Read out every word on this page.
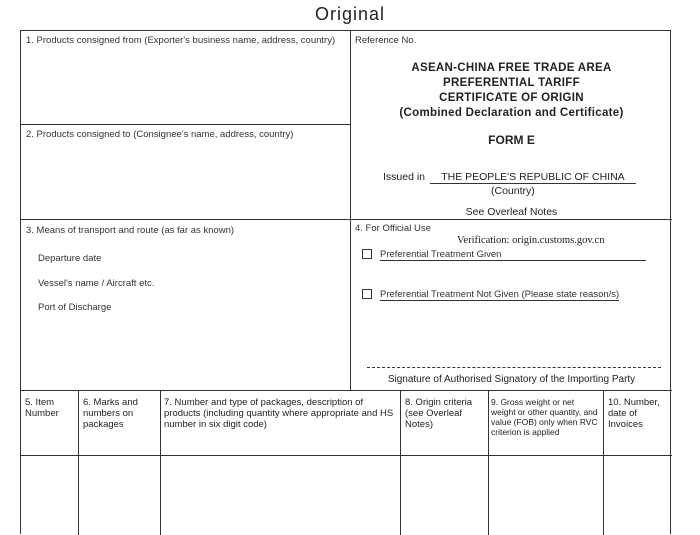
Original
1. Products consigned from (Exporter's business name, address, country)
2. Products consigned to (Consignee's name, address, country)
Reference No.
ASEAN-CHINA FREE TRADE AREA
PREFERENTIAL TARIFF
CERTIFICATE OF ORIGIN
(Combined Declaration and Certificate)
FORM E
Issued in THE PEOPLE'S REPUBLIC OF CHINA
(Country)
See Overleaf Notes
3. Means of transport and route (as far as known)
Departure date
Vessel's name / Aircraft etc.
Port of Discharge
4. For Official Use
Verification: origin.customs.gov.cn
Preferential Treatment Given
Preferential Treatment Not Given (Please state reason/s)
Signature of Authorised Signatory of the Importing Party
5. Item Number
6. Marks and numbers on packages
7. Number and type of packages, description of products (including quantity where appropriate and HS number in six digit code)
8. Origin criteria (see Overleaf Notes)
9. Gross weight or net weight or other quantity, and value (FOB) only when RVC criterion is applied
10. Number, date of Invoices
